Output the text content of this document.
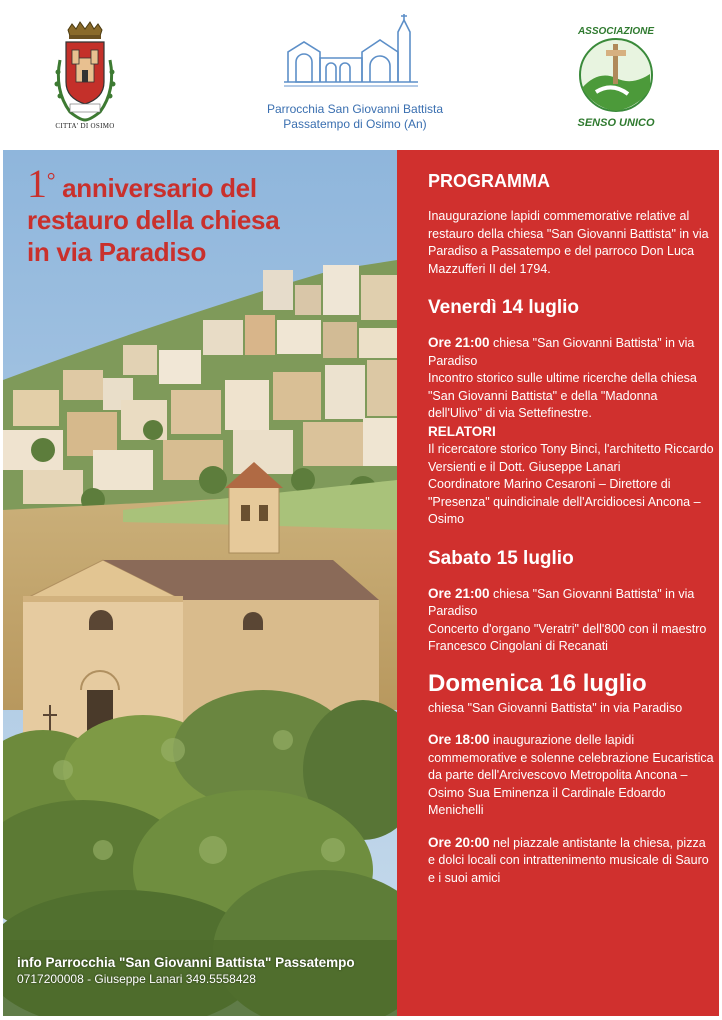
CITTA' DI OSIMO
Parrocchia San Giovanni Battista
Passatempo di Osimo (An)
ASSOCIAZIONE
SENSO UNICO
1° anniversario del
restauro della chiesa
in via Paradiso
info Parrocchia "San Giovanni Battista" Passatempo
0717200008 - Giuseppe Lanari 349.5558428
PROGRAMMA

Inaugurazione lapidi commemorative relative al restauro della chiesa "San Giovanni Battista" in via Paradiso a Passatempo e del parroco Don Luca Mazzufferi II del 1794.

Venerdì 14 luglio

Ore 21:00 chiesa "San Giovanni Battista" in via Paradiso

Incontro storico sulle ultime ricerche della chiesa "San Giovanni Battista" e della "Madonna dell'Ulivo" di via Settefinestre.

RELATORI

Il ricercatore storico Tony Binci, l'architetto Riccardo Versienti e il Dott. Giuseppe Lanari

Coordinatore Marino Cesaroni – Direttore di "Presenza" quindicinale dell'Arcidiocesi Ancona – Osimo

Sabato 15 luglio

Ore 21:00 chiesa "San Giovanni Battista" in via Paradiso

Concerto d'organo "Veratri" dell'800 con il maestro Francesco Cingolani di Recanati

Domenica 16 luglio

chiesa "San Giovanni Battista" in via Paradiso

Ore 18:00 inaugurazione delle lapidi commemorative e solenne celebrazione Eucaristica da parte dell'Arcivescovo Metropolita Ancona – Osimo Sua Eminenza il Cardinale Edoardo Menichelli

Ore 20:00 nel piazzale antistante la chiesa, pizza e dolci locali con intrattenimento musicale di Sauro e i suoi amici
